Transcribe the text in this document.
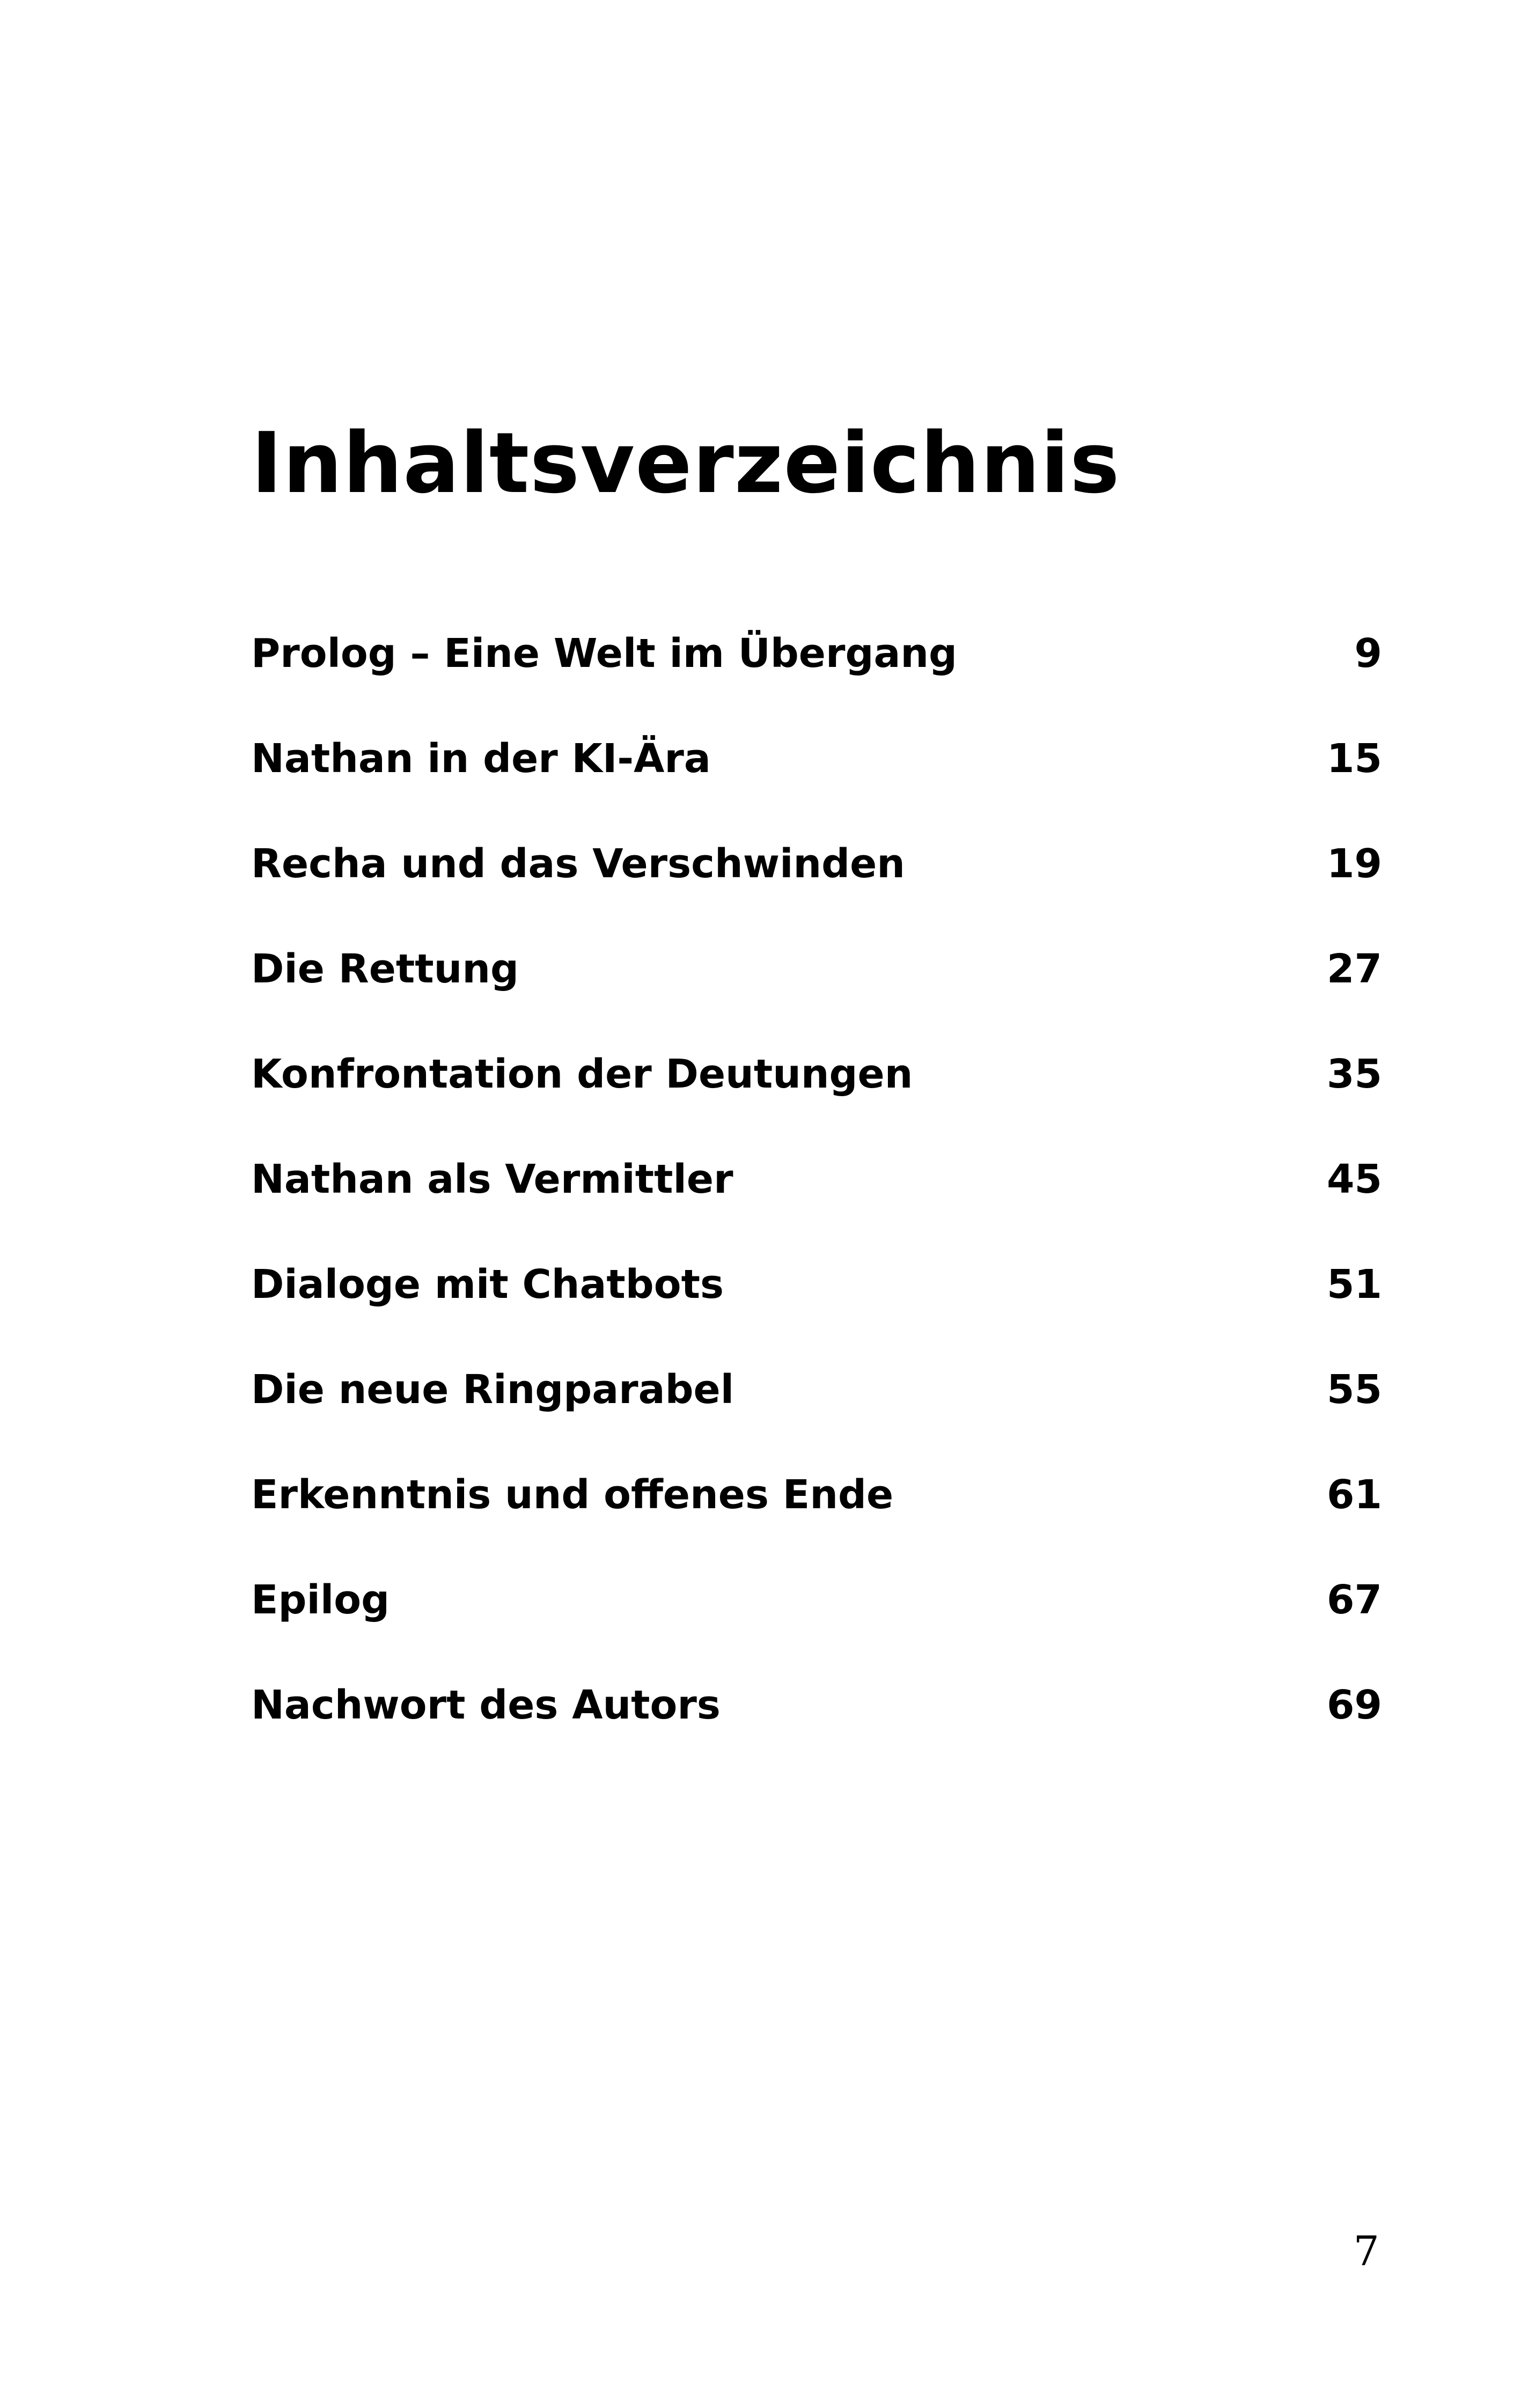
Inhaltsverzeichnis
Prolog – Eine Welt im Übergang	9
Nathan in der KI-Ära	15
Recha und das Verschwinden	19
Die Rettung	27
Konfrontation der Deutungen	35
Nathan als Vermittler	45
Dialoge mit Chatbots	51
Die neue Ringparabel	55
Erkenntnis und offenes Ende	61
Epilog	67
Nachwort des Autors	69
7
